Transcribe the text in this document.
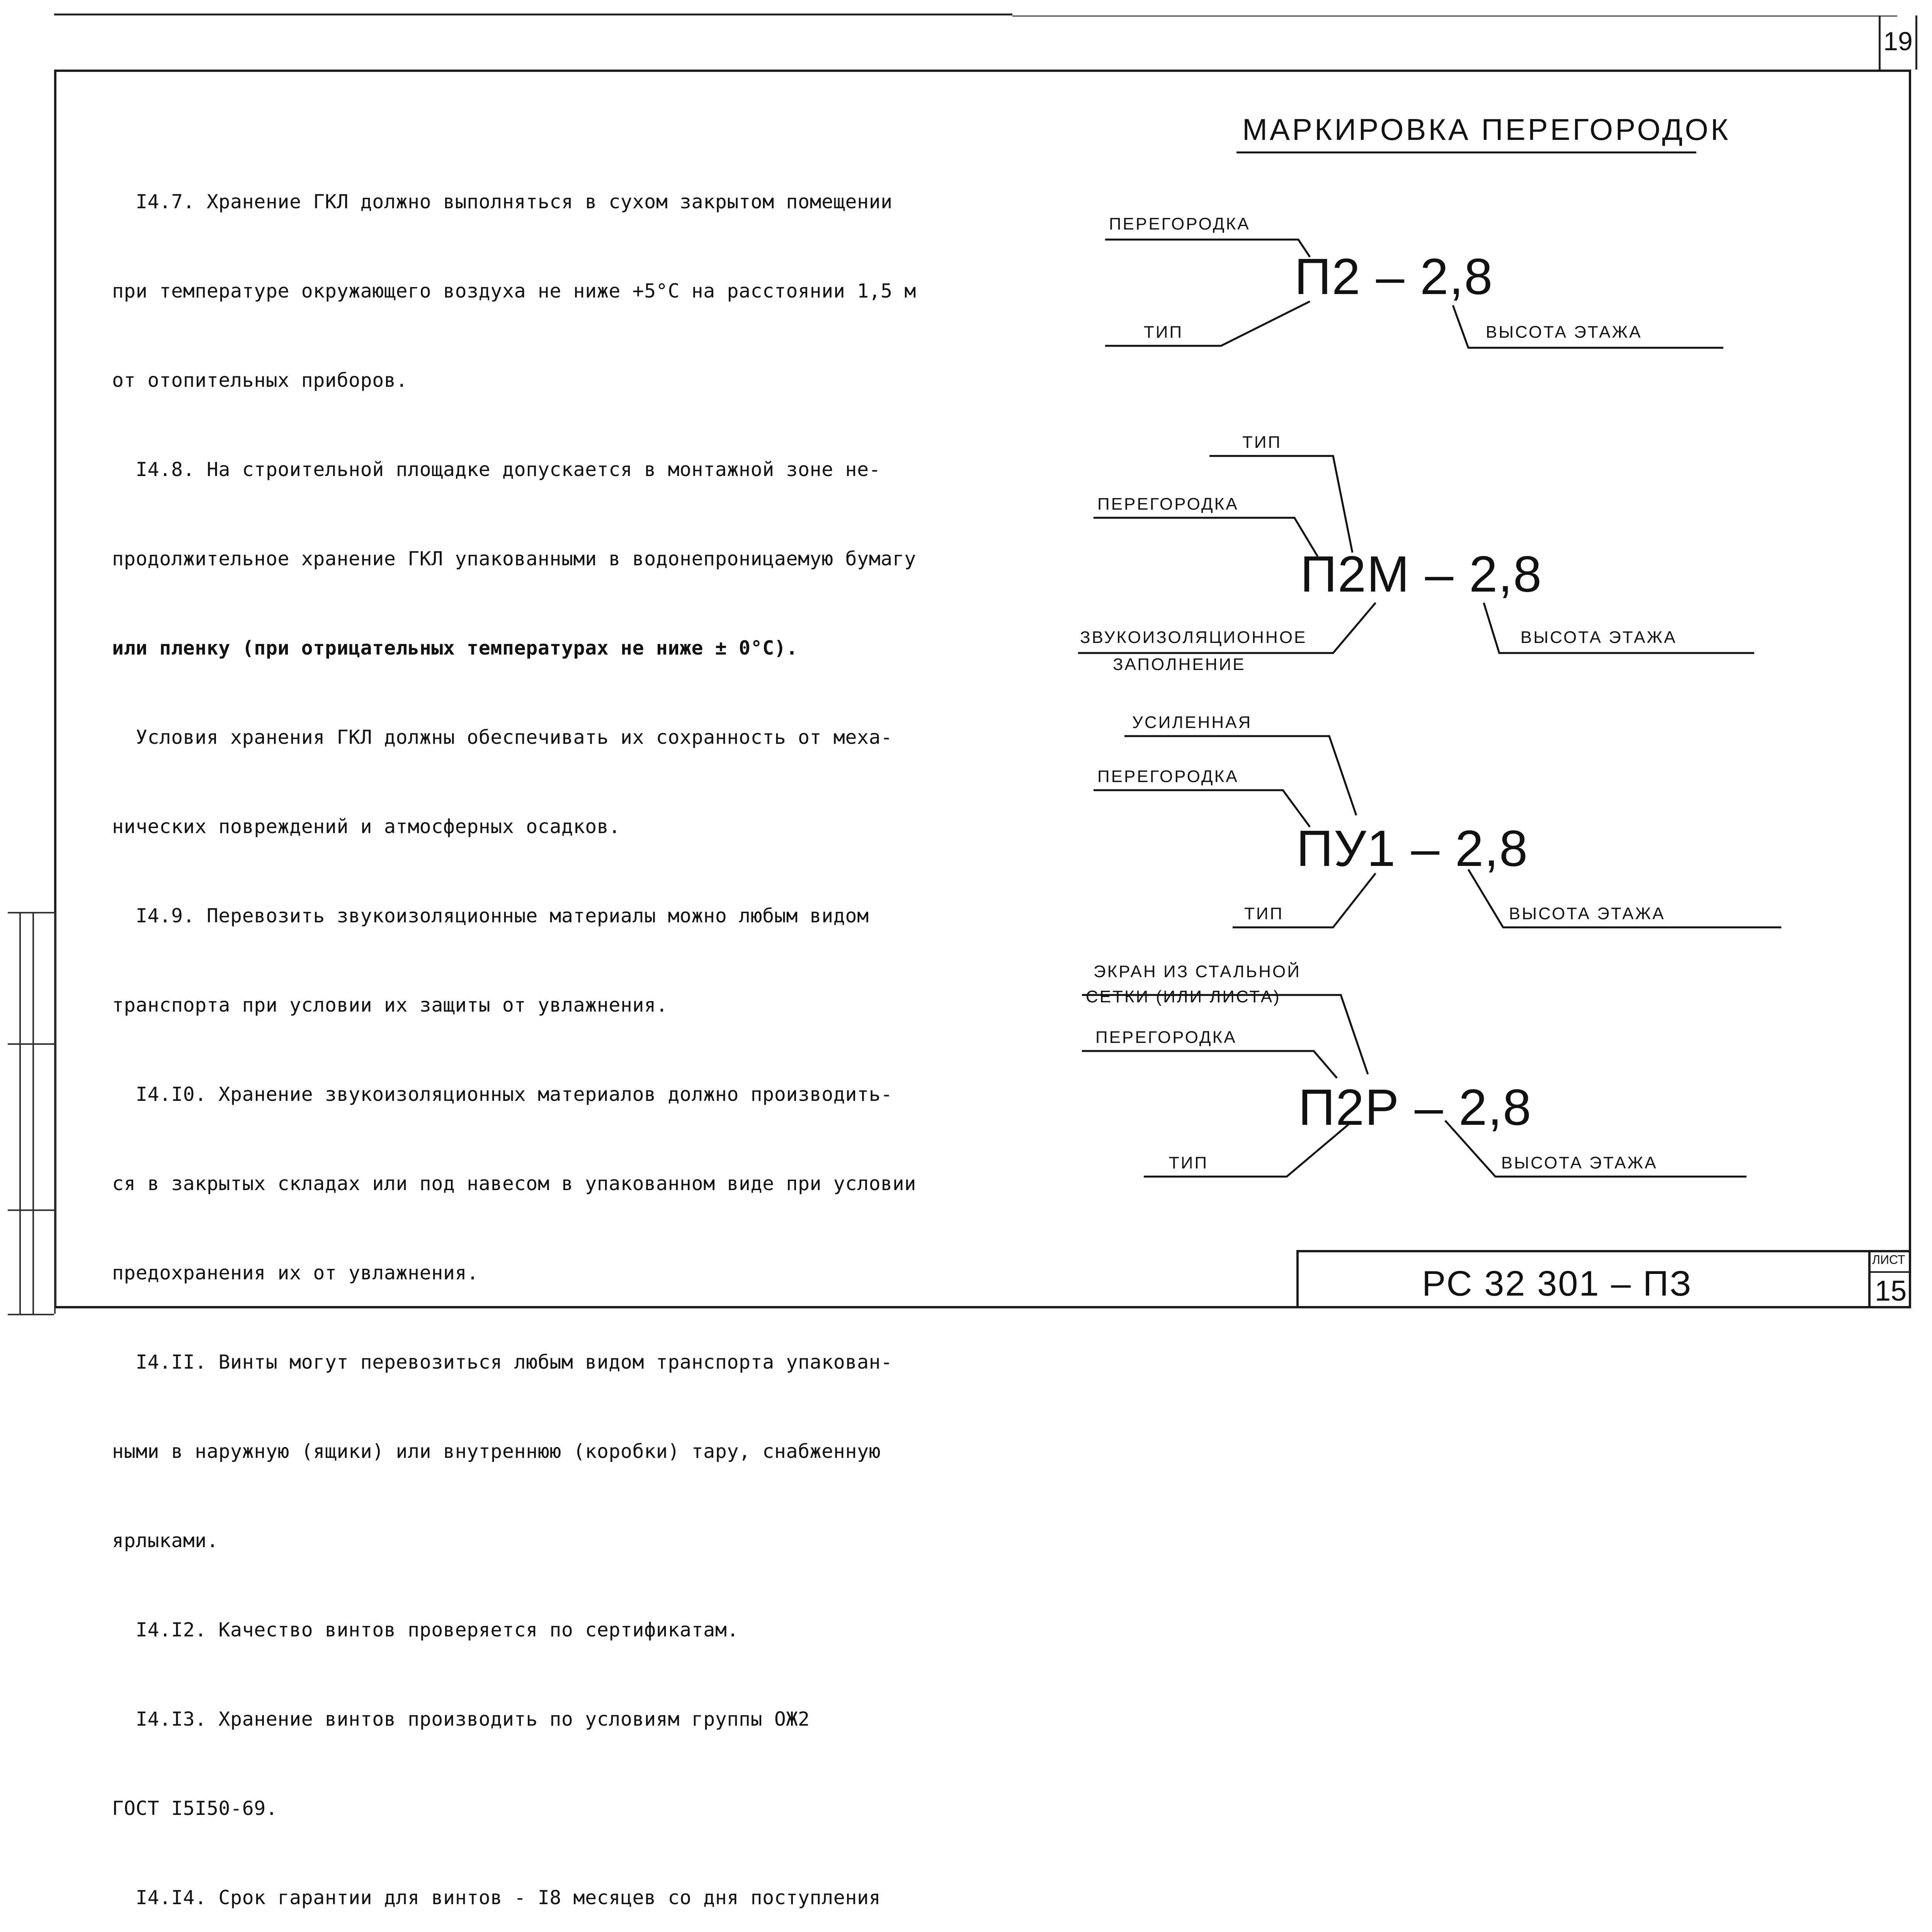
19

I4.7. Хранение ГКЛ должно выполняться в сухом закрытом помещении

при температуре окружающего воздуха не ниже +5°С на расстоянии 1,5 м

от отопительных приборов.

I4.8. На строительной площадке допускается в монтажной зоне не-

продолжительное хранение ГКЛ упакованными в водонепроницаемую бумагу

или пленку (при отрицательных температурах не ниже ± 0°С).

Условия хранения ГКЛ должны обеспечивать их сохранность от меха-

нических повреждений и атмосферных осадков.

I4.9. Перевозить звукоизоляционные материалы можно любым видом

транспорта при условии их защиты от увлажнения.

I4.I0. Хранение звукоизоляционных материалов должно производить-

ся в закрытых складах или под навесом в упакованном виде при условии

предохранения их от увлажнения.

I4.II. Винты могут перевозиться любым видом транспорта упакован-

ными в наружную (ящики) или внутреннюю (коробки) тару, снабженную

ярлыками.

I4.I2. Качество винтов проверяется по сертификатам.

I4.I3. Хранение винтов производить по условиям группы ОЖ2

ГОСТ I5I50-69.

I4.I4. Срок гарантии для винтов - I8 месяцев со дня поступления

МАРКИРОВКА ПЕРЕГОРОДОК
ПЕРЕГОРОДКА
ТИП	ВЫСОТА ЭТАЖА
П2 – 2,8
ТИП
ПЕРЕГОРОДКА
ЗВУКОИЗОЛЯЦИОННОЕ
ЗАПОЛНЕНИЕ
ВЫСОТА ЭТАЖА
П2М – 2,8
УСИЛЕННАЯ
ПЕРЕГОРОДКА
ТИП	ВЫСОТА ЭТАЖА
ПУ1 – 2,8
ЭКРАН ИЗ СТАЛЬНОЙ
СЕТКИ (ИЛИ ЛИСТА)
ПЕРЕГОРОДКА
ТИП	ВЫСОТА ЭТАЖА
П2Р – 2,8
РС 32 301 – ПЗ
ЛИСТ
15
